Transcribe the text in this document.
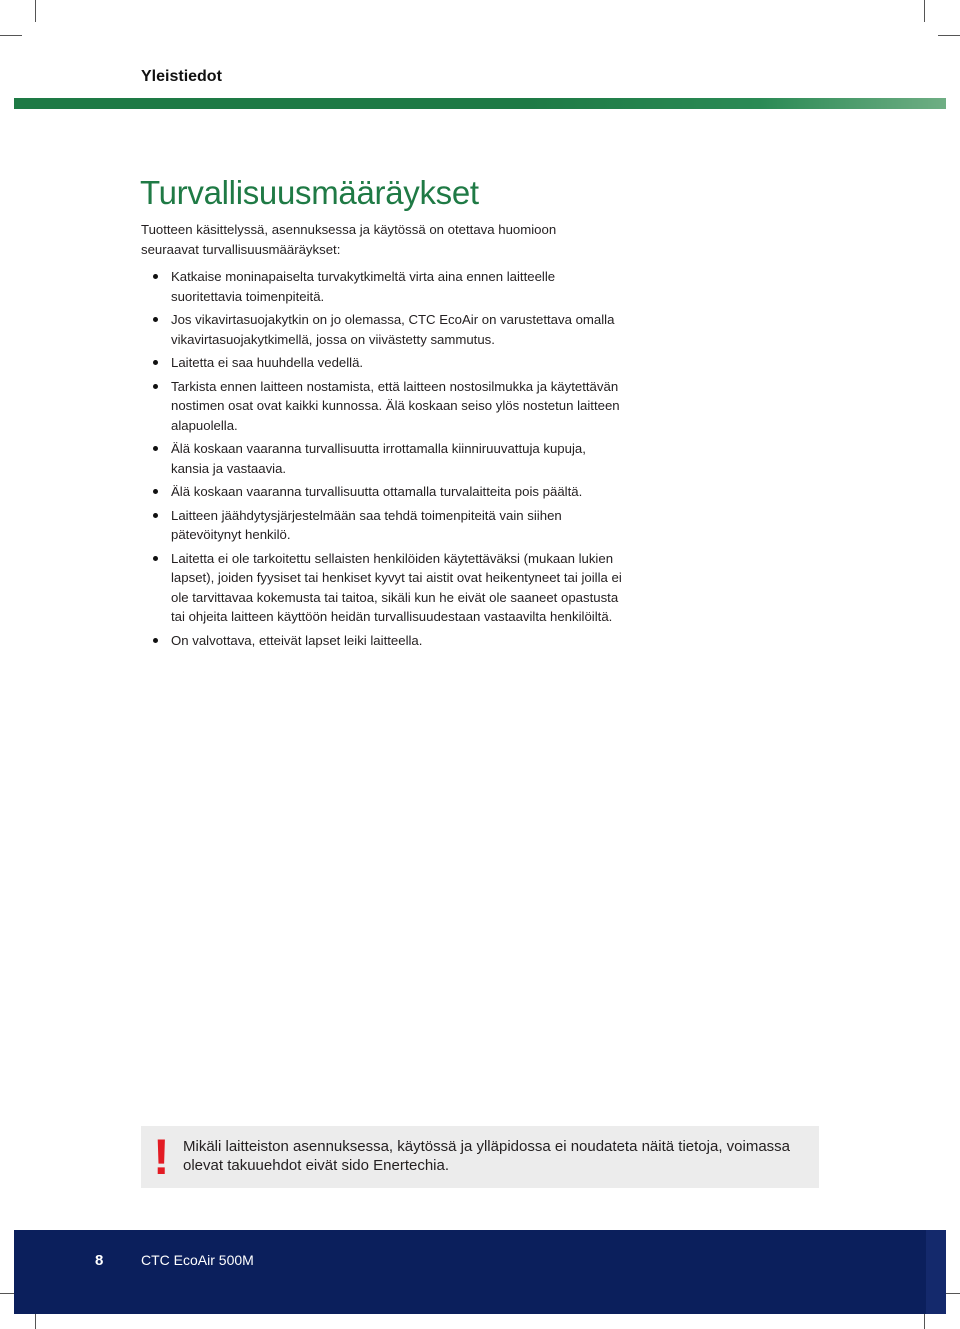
Yleistiedot
Turvallisuusmääräykset

Tuotteen käsittelyssä, asennuksessa ja käytössä on otettava huomioon seuraavat turvallisuusmääräykset:

Katkaise moninapaiselta turvakytkimeltä virta aina ennen laitteelle suoritettavia toimenpiteitä.
Jos vikavirtasuojakytkin on jo olemassa, CTC EcoAir on varustettava omalla vikavirtasuojakytkimellä, jossa on viivästetty sammutus.
Laitetta ei saa huuhdella vedellä.
Tarkista ennen laitteen nostamista, että laitteen nostosilmukka ja käytettävän nostimen osat ovat kaikki kunnossa. Älä koskaan seiso ylös nostetun laitteen alapuolella.
Älä koskaan vaaranna turvallisuutta irrottamalla kiinniruuvattuja kupuja, kansia ja vastaavia.
Älä koskaan vaaranna turvallisuutta ottamalla turvalaitteita pois päältä.
Laitteen jäähdytysjärjestelmään saa tehdä toimenpiteitä vain siihen pätevöitynyt henkilö.
Laitetta ei ole tarkoitettu sellaisten henkilöiden käytettäväksi (mukaan lukien lapset), joiden fyysiset tai henkiset kyvyt tai aistit ovat heikentyneet tai joilla ei ole tarvittavaa kokemusta tai taitoa, sikäli kun he eivät ole saaneet opastusta tai ohjeita laitteen käyttöön heidän turvallisuudestaan vastaavilta henkilöiltä.
On valvottava, etteivät lapset leiki laitteella.
! Mikäli laitteiston asennuksessa, käytössä ja ylläpidossa ei noudateta näitä tietoja, voimassa olevat takuuehdot eivät sido Enertechia.

8	CTC EcoAir 500M
